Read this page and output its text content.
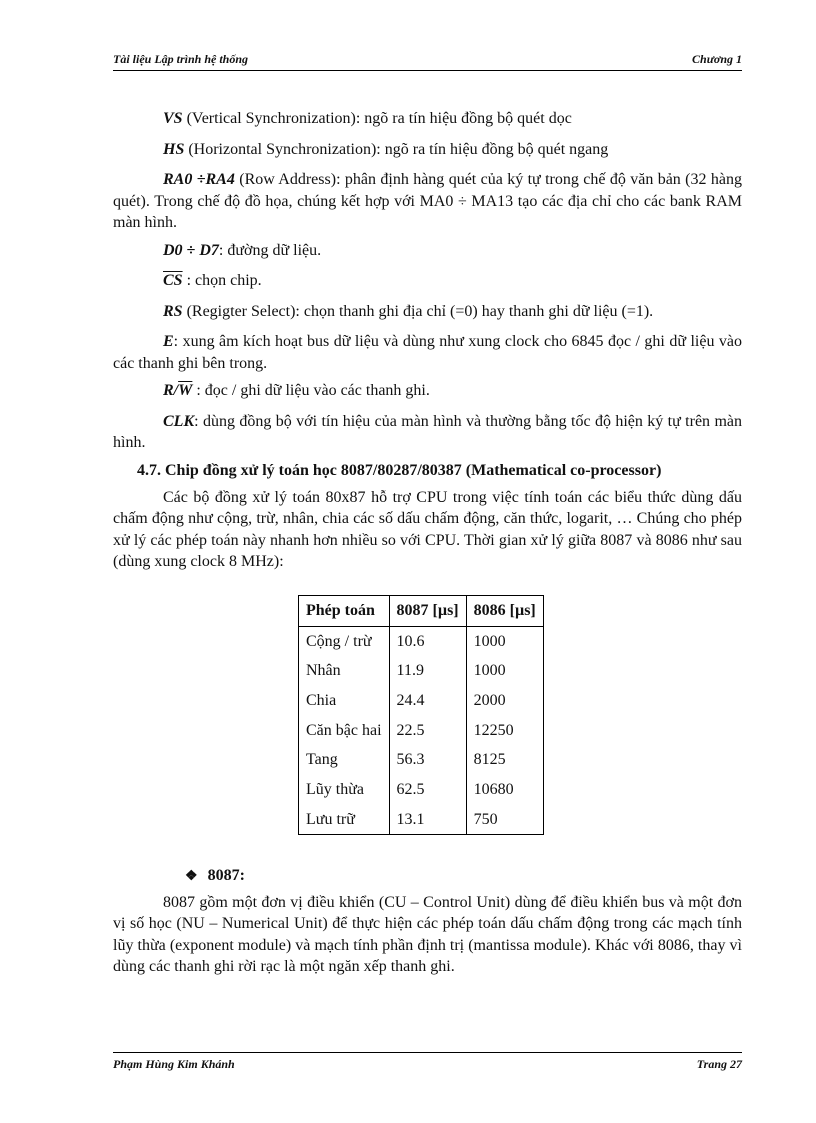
Tài liệu Lập trình hệ thống	Chương 1

VS (Vertical Synchronization): ngõ ra tín hiệu đồng bộ quét dọc

HS (Horizontal Synchronization): ngõ ra tín hiệu đồng bộ quét ngang

RA0 ÷RA4 (Row Address): phân định hàng quét của ký tự trong chế độ văn bản (32 hàng quét). Trong chế độ đồ họa, chúng kết hợp với MA0 ÷ MA13 tạo các địa chỉ cho các bank RAM màn hình.

D0 ÷ D7: đường dữ liệu.

$\overline{CS}$ : chọn chip.

RS (Regigter Select): chọn thanh ghi địa chỉ (=0) hay thanh ghi dữ liệu (=1).

E: xung âm kích hoạt bus dữ liệu và dùng như xung clock cho 6845 đọc / ghi dữ liệu vào các thanh ghi bên trong.

$R/\overline{W}$ : đọc / ghi dữ liệu vào các thanh ghi.

CLK: dùng đồng bộ với tín hiệu của màn hình và thường bằng tốc độ hiện ký tự trên màn hình.

4.7. Chip đồng xử lý toán học 8087/80287/80387 (Mathematical co-processor)

Các bộ đồng xử lý toán 80x87 hỗ trợ CPU trong việc tính toán các biểu thức dùng dấu chấm động như cộng, trừ, nhân, chia các số dấu chấm động, căn thức, logarit, … Chúng cho phép xử lý các phép toán này nhanh hơn nhiều so với CPU. Thời gian xử lý giữa 8087 và 8086 như sau (dùng xung clock 8 MHz):

Phép toán	8087 [µs]	8086 [µs]
Cộng / trừ	10.6	1000
Nhân	11.9	1000
Chia	24.4	2000
Căn bậc hai	22.5	12250
Tang	56.3	8125
Lũy thừa	62.5	10680
Lưu trữ	13.1	750
❖ 8087:

8087 gồm một đơn vị điều khiển (CU – Control Unit) dùng để điều khiển bus và một đơn vị số học (NU – Numerical Unit) để thực hiện các phép toán dấu chấm động trong các mạch tính lũy thừa (exponent module) và mạch tính phần định trị (mantissa module). Khác với 8086, thay vì dùng các thanh ghi rời rạc là một ngăn xếp thanh ghi.

Phạm Hùng Kim Khánh	Trang 27
